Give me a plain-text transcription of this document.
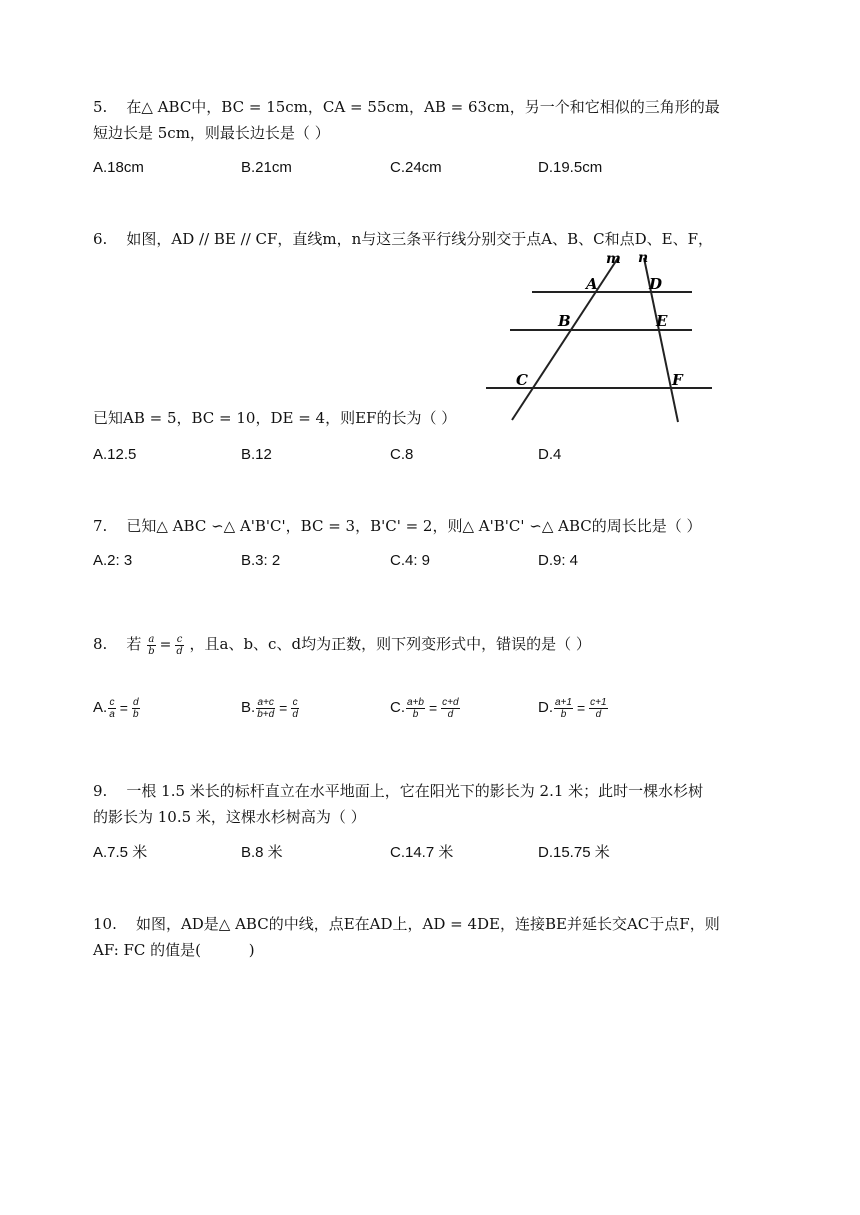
5. 在△ ABC中，BC = 15cm，CA = 55cm，AB = 63cm，另一个和它相似的三角形的最
短边长是 5cm，则最长边长是（ ）
A.18cm	B.21cm	C.24cm	D.19.5cm
6. 如图，AD // BE // CF，直线m，n与这三条平行线分别交于点A、B、C和点D、E、F，
已知AB = 5，BC = 10，DE = 4，则EF的长为（ ）
m n
A	D
B	E
C	F
A.12.5	B.12	C.8	D.4
7. 已知△ ABC ∽△ A'B'C'，BC = 3，B'C' = 2，则△ A'B'C' ∽△ ABC的周长比是（ ）
A.2: 3	B.3: 2	C.4: 9	D.9: 4
8. 若 $\frac{a}{b} = \frac{c}{d}$ ，且a、b、c、d均为正数，则下列变形式中，错误的是（ ）
A. $\frac{c}{a} = \frac{d}{b}$	B. $\frac{a+c}{b+d} = \frac{c}{d}$	C. $\frac{a+b}{b} = \frac{c+d}{d}$	D. $\frac{a+1}{b} = \frac{c+1}{d}$
9. 一根 1.5 米长的标杆直立在水平地面上，它在阳光下的影长为 2.1 米；此时一棵水杉树
的影长为 10.5 米，这棵水杉树高为（ ）
A.7.5 米	B.8 米	C.14.7 米	D.15.75 米
10. 如图，AD是△ ABC的中线，点E在AD上，AD = 4DE，连接BE并延长交AC于点F，则
AF: FC 的值是(          )
